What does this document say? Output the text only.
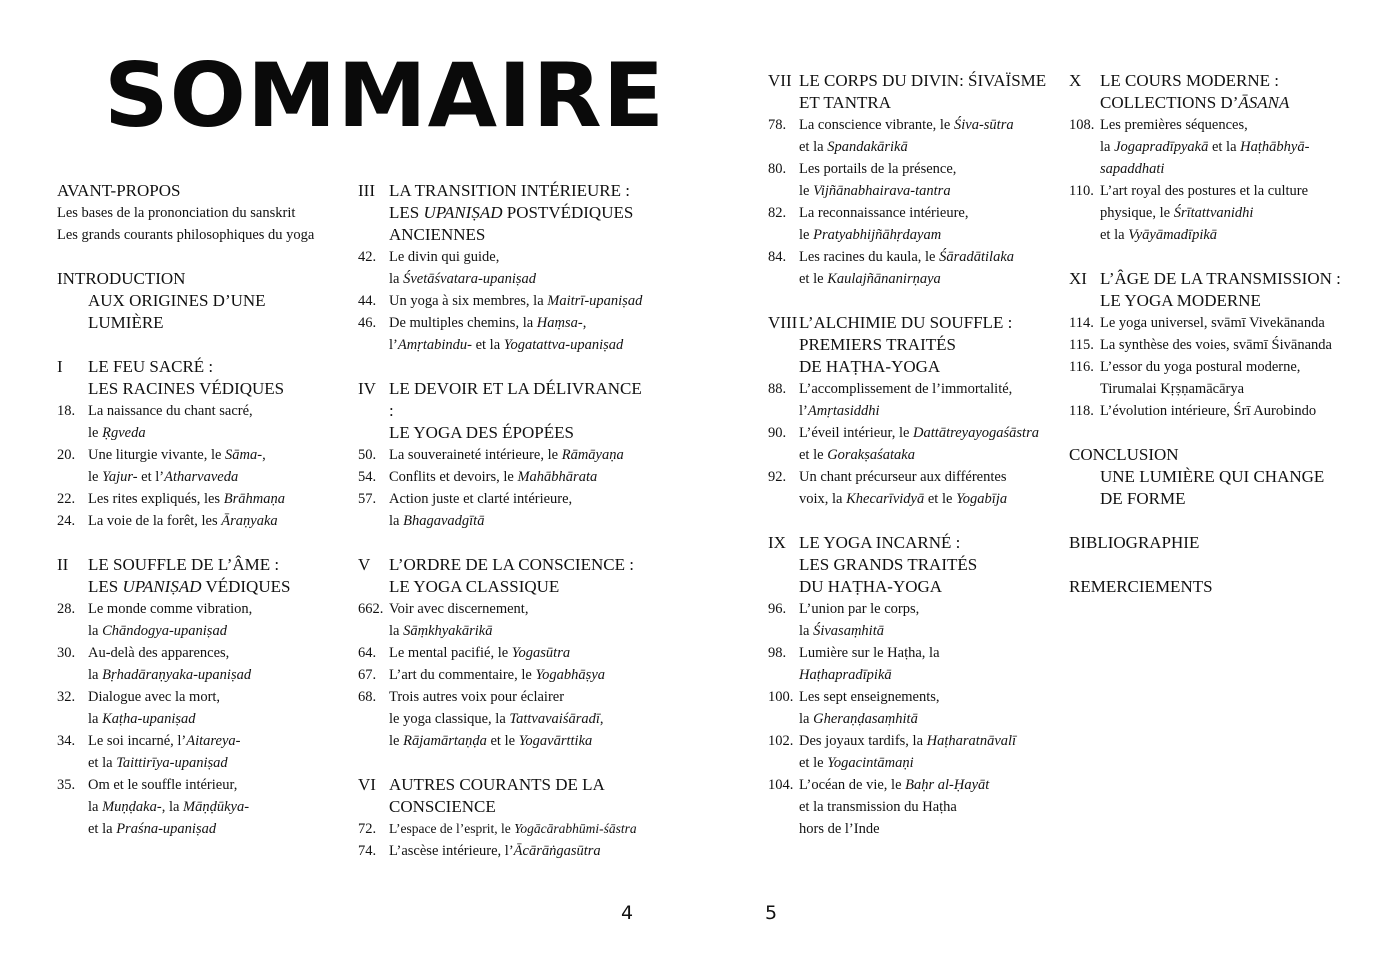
SOMMAIRE
AVANT-PROPOS
Les bases de la prononciation du sanskrit
Les grands courants philosophiques du yoga
INTRODUCTION
AUX ORIGINES D’UNE
LUMIÈRE
I	LE FEU SACRÉ :
LES RACINES VÉDIQUES
18. La naissance du chant sacré,
le Ṛgveda
20. Une liturgie vivante, le Sāma-,
le Yajur- et l’Atharvaveda
22. Les rites expliqués, les Brāhmaṇa
24. La voie de la forêt, les Āraṇyaka
II	LE SOUFFLE DE L’ÂME :
LES UPANIṢAD VÉDIQUES
28. Le monde comme vibration,
la Chāndogya-upaniṣad
30. Au-delà des apparences,
la Bṛhadāraṇyaka-upaniṣad
32. Dialogue avec la mort,
la Kaṭha-upaniṣad
34. Le soi incarné, l’Aitareya-
et la Taittirīya-upaniṣad
35. Om et le souffle intérieur,
la Muṇḍaka-, la Māṇḍūkya-
et la Praśna-upaniṣad
III LA TRANSITION INTÉRIEURE :
LES UPANIṢAD POSTVÉDIQUES
ANCIENNES
42. Le divin qui guide,
la Śvetāśvatara-upaniṣad
44. Un yoga à six membres, la Maitrī-upaniṣad
46. De multiples chemins, la Haṃsa-,
l’Amṛtabindu- et la Yogatattva-upaniṣad
IV LE DEVOIR ET LA DÉLIVRANCE :
LE YOGA DES ÉPOPÉES
50. La souveraineté intérieure, le Rāmāyaṇa
54. Conflits et devoirs, le Mahābhārata
57. Action juste et clarté intérieure,
la Bhagavadgītā
V	L’ORDRE DE LA CONSCIENCE :
LE YOGA CLASSIQUE
662. Voir avec discernement,
la Sāṃkhyakārikā
64. Le mental pacifié, le Yogasūtra
67. L’art du commentaire, le Yogabhāṣya
68. Trois autres voix pour éclairer
le yoga classique, la Tattvavaiśāradī,
le Rājamārtaṇḍa et le Yogavārttika
VI AUTRES COURANTS DE LA
CONSCIENCE
72. L’espace de l’esprit, le Yogācārabhūmi-śāstra
74. L’ascèse intérieure, l’Ācārāṅgasūtra
VII LE CORPS DU DIVIN: ŚIVAÏSME
ET TANTRA
78. La conscience vibrante, le Śiva-sūtra
et la Spandakārikā
80. Les portails de la présence,
le Vijñānabhairava-tantra
82. La reconnaissance intérieure,
le Pratyabhijñāhṛdayam
84. Les racines du kaula, le Śāradātilaka
et le Kaulajñānanirṇaya
VIII L’ALCHIMIE DU SOUFFLE :
PREMIERS TRAITÉS
DE HAṬHA-YOGA
88. L’accomplissement de l’immortalité,
l’Amṛtasiddhi
90. L’éveil intérieur, le Dattātreyayogaśāstra
et le Gorakṣaśataka
92. Un chant précurseur aux différentes
voix, la Khecarīvidyā et le Yogabīja
IX LE YOGA INCARNÉ :
LES GRANDS TRAITÉS
DU HAṬHA-YOGA
96. L’union par le corps,
la Śivasaṃhitā
98. Lumière sur le Haṭha, la
Haṭhapradīpikā
100. Les sept enseignements,
la Gheraṇḍasaṃhitā
102. Des joyaux tardifs, la Haṭharatnāvalī
et le Yogacintāmaṇi
104. L’océan de vie, le Baḥr al-Ḥayāt
et la transmission du Haṭha
hors de l’Inde
X	LE COURS MODERNE :
COLLECTIONS D’ĀSANA
108. Les premières séquences,
la Jogapradīpyakā et la Haṭhābhyā-
sapaddhati
110. L’art royal des postures et la culture
physique, le Śrītattvanidhi
et la Vyāyāmadīpikā
XI L’ÂGE DE LA TRANSMISSION :
LE YOGA MODERNE
114. Le yoga universel, svāmī Vivekānanda
115. La synthèse des voies, svāmī Śivānanda
116. L’essor du yoga postural moderne,
Tirumalai Kṛṣṇamācārya
118. L’évolution intérieure, Śrī Aurobindo
CONCLUSION
UNE LUMIÈRE QUI CHANGE
DE FORME
BIBLIOGRAPHIE
REMERCIEMENTS
4	5
